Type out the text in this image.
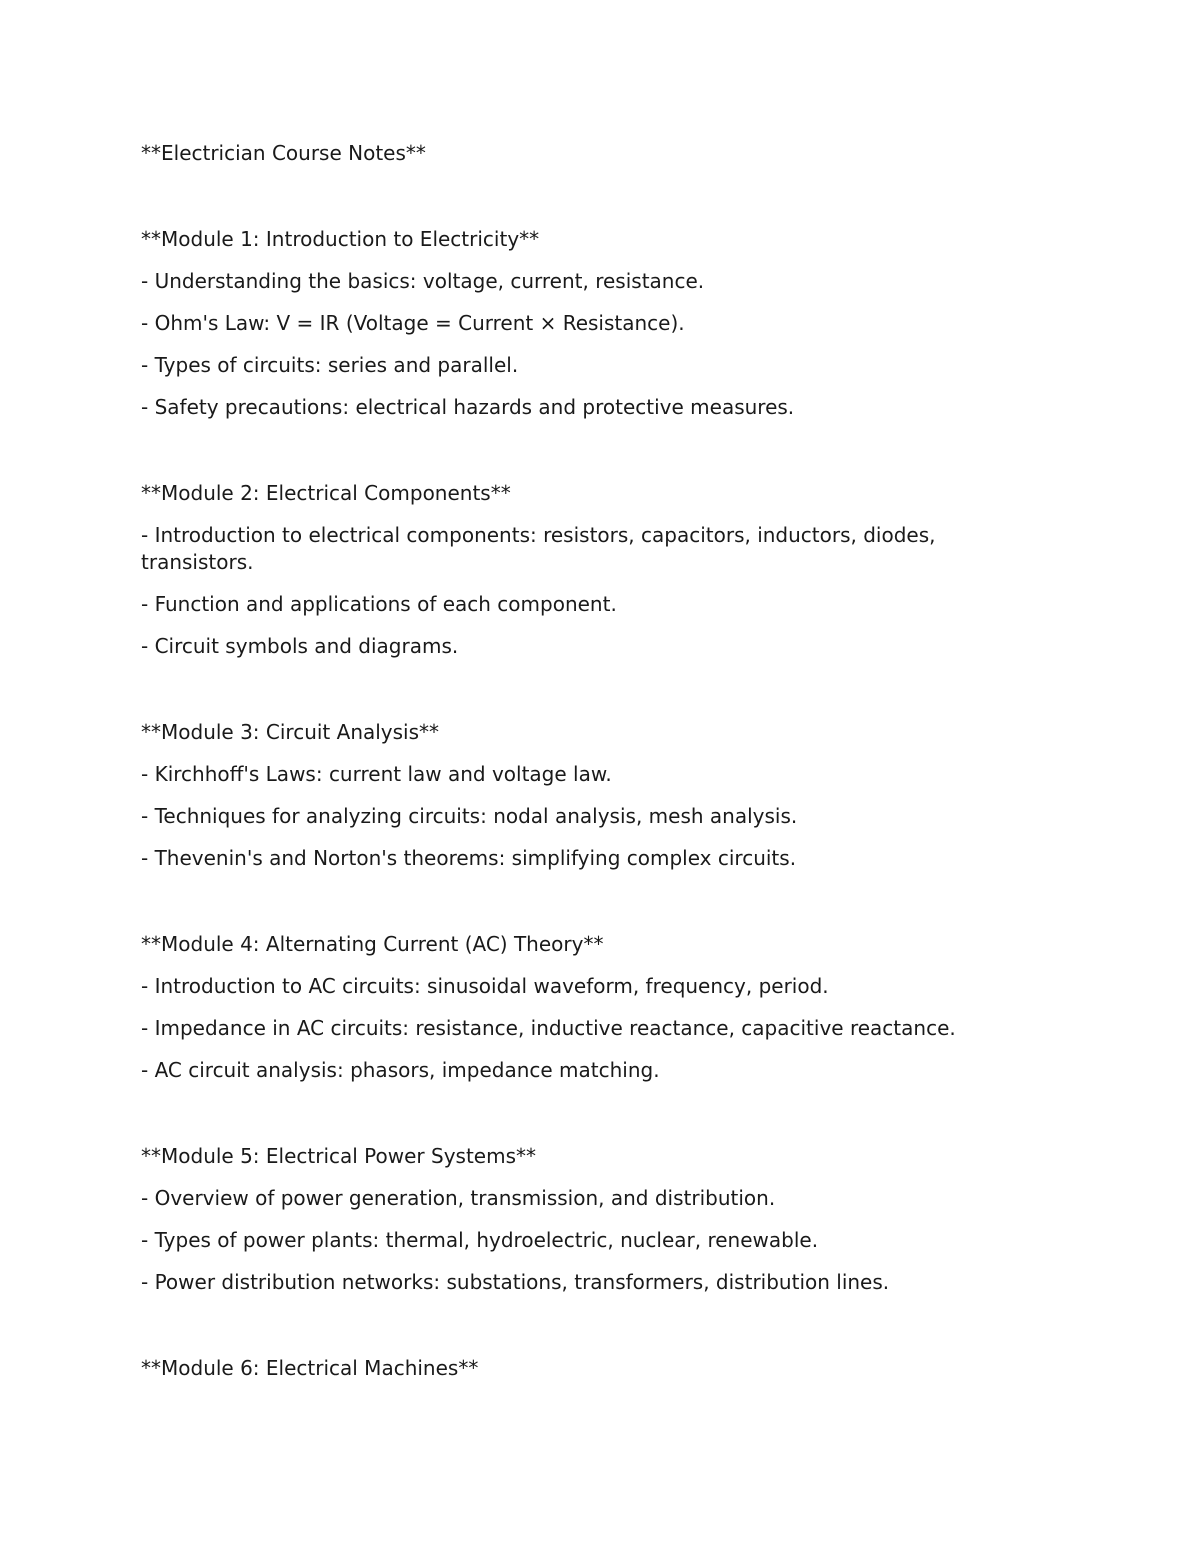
**Electrician Course Notes**

**Module 1: Introduction to Electricity**

- Understanding the basics: voltage, current, resistance.

- Ohm's Law: V = IR (Voltage = Current × Resistance).

- Types of circuits: series and parallel.

- Safety precautions: electrical hazards and protective measures.

**Module 2: Electrical Components**

- Introduction to electrical components: resistors, capacitors, inductors, diodes, transistors.

- Function and applications of each component.

- Circuit symbols and diagrams.

**Module 3: Circuit Analysis**

- Kirchhoff's Laws: current law and voltage law.

- Techniques for analyzing circuits: nodal analysis, mesh analysis.

- Thevenin's and Norton's theorems: simplifying complex circuits.

**Module 4: Alternating Current (AC) Theory**

- Introduction to AC circuits: sinusoidal waveform, frequency, period.

- Impedance in AC circuits: resistance, inductive reactance, capacitive reactance.

- AC circuit analysis: phasors, impedance matching.

**Module 5: Electrical Power Systems**

- Overview of power generation, transmission, and distribution.

- Types of power plants: thermal, hydroelectric, nuclear, renewable.

- Power distribution networks: substations, transformers, distribution lines.

**Module 6: Electrical Machines**
